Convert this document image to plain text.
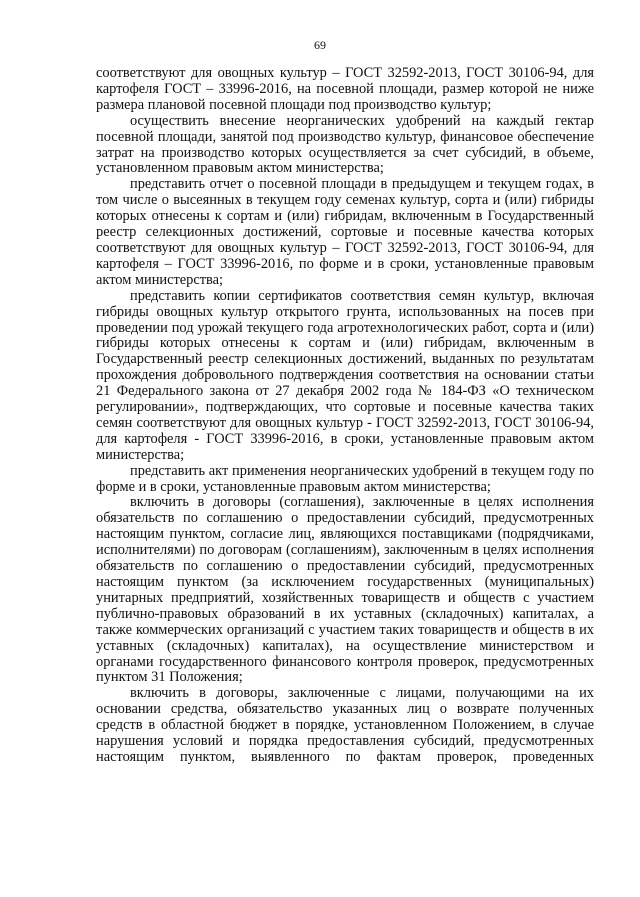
69

соответствуют для овощных культур – ГОСТ 32592-2013, ГОСТ 30106-94, для картофеля ГОСТ – 33996-2016, на посевной площади, размер которой не ниже размера плановой посевной площади под производство культур;

осуществить внесение неорганических удобрений на каждый гектар посевной площади, занятой под производство культур, финансовое обеспечение затрат на производство которых осуществляется за счет субсидий, в объеме, установленном правовым актом министерства;

представить отчет о посевной площади в предыдущем и текущем годах, в том числе о высеянных в текущем году семенах культур, сорта и (или) гибриды которых отнесены к сортам и (или) гибридам, включенным в Государственный реестр селекционных достижений, сортовые и посевные качества которых соответствуют для овощных культур – ГОСТ 32592-2013, ГОСТ 30106-94, для картофеля – ГОСТ 33996-2016, по форме и в сроки, установленные правовым актом министерства;

представить копии сертификатов соответствия семян культур, включая гибриды овощных культур открытого грунта, использованных на посев при проведении под урожай текущего года агротехнологических работ, сорта и (или) гибриды которых отнесены к сортам и (или) гибридам, включенным в Государственный реестр селекционных достижений, выданных по результатам прохождения добровольного подтверждения соответствия на основании статьи 21 Федерального закона от 27 декабря 2002 года № 184-ФЗ «О техническом регулировании», подтверждающих, что сортовые и посевные качества таких семян соответствуют для овощных культур - ГОСТ 32592-2013, ГОСТ 30106-94, для картофеля - ГОСТ 33996-2016, в сроки, установленные правовым актом министерства;

представить акт применения неорганических удобрений в текущем году по форме и в сроки, установленные правовым актом министерства;

включить в договоры (соглашения), заключенные в целях исполнения обязательств по соглашению о предоставлении субсидий, предусмотренных настоящим пунктом, согласие лиц, являющихся поставщиками (подрядчиками, исполнителями) по договорам (соглашениям), заключенным в целях исполнения обязательств по соглашению о предоставлении субсидий, предусмотренных настоящим пунктом (за исключением государственных (муниципальных) унитарных предприятий, хозяйственных товариществ и обществ с участием публично-правовых образований в их уставных (складочных) капиталах, а также коммерческих организаций с участием таких товариществ и обществ в их уставных (складочных) капиталах), на осуществление министерством и органами государственного финансового контроля проверок, предусмотренных пунктом 31 Положения;

включить в договоры, заключенные с лицами, получающими на их основании средства, обязательство указанных лиц о возврате полученных средств в областной бюджет в порядке, установленном Положением, в случае нарушения условий и порядка предоставления субсидий, предусмотренных настоящим пунктом, выявленного по фактам проверок, проведенных
